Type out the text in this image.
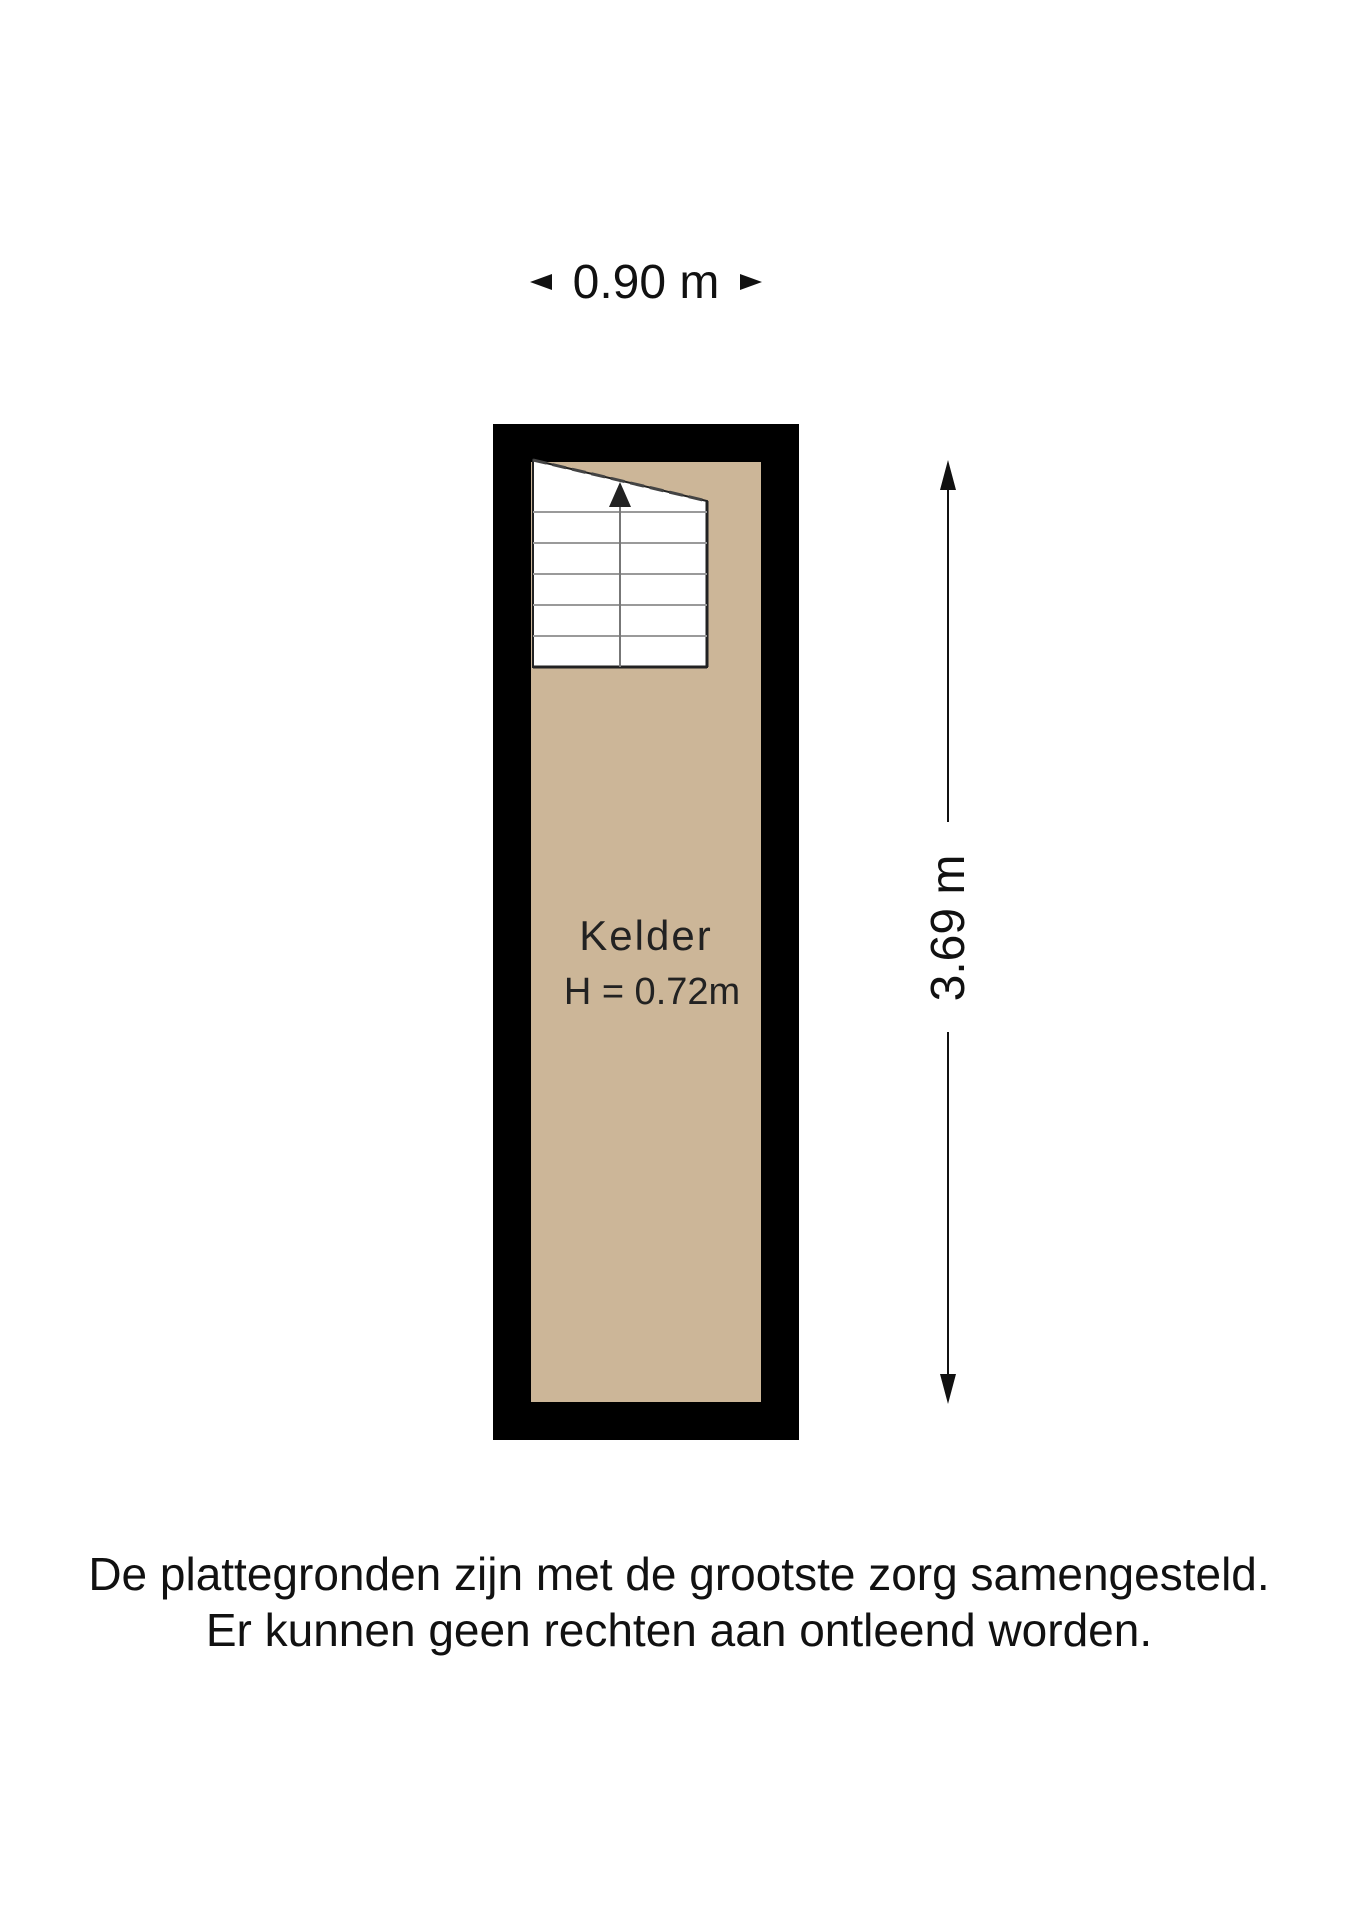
0.90 m
Kelder
H = 0.72m	3.69 m
De plattegronden zijn met de grootste zorg samengesteld.
Er kunnen geen rechten aan ontleend worden.
